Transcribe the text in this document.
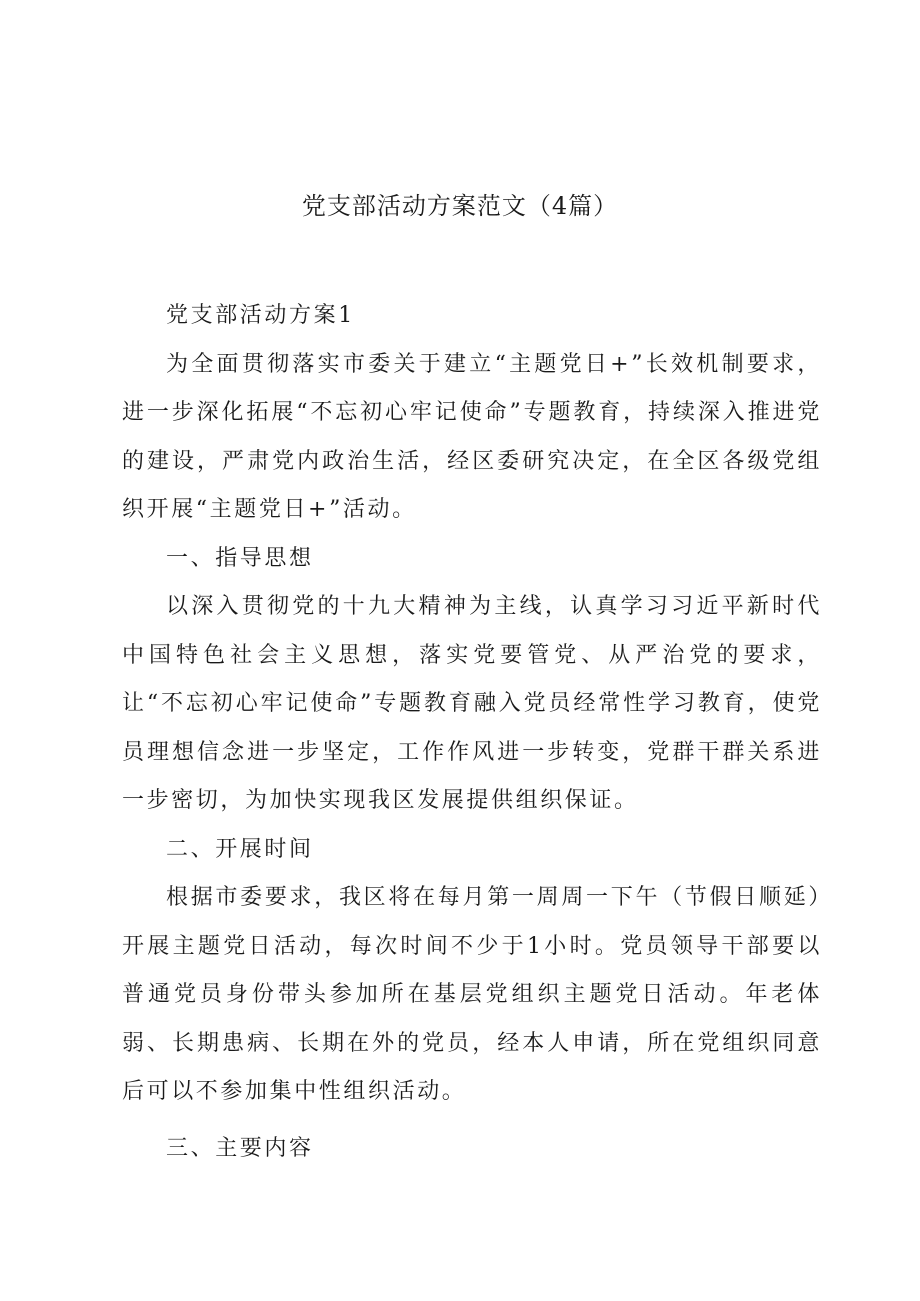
党支部活动方案范文（4篇）

党支部活动方案1

为全面贯彻落实市委关于建立“主题党日+”长效机制要求，进一步深化拓展“不忘初心牢记使命”专题教育，持续深入推进党的建设，严肃党内政治生活，经区委研究决定，在全区各级党组织开展“主题党日+”活动。

一、指导思想

以深入贯彻党的十九大精神为主线，认真学习习近平新时代中国特色社会主义思想，落实党要管党、从严治党的要求，让“不忘初心牢记使命”专题教育融入党员经常性学习教育，使党员理想信念进一步坚定，工作作风进一步转变，党群干群关系进一步密切，为加快实现我区发展提供组织保证。

二、开展时间

根据市委要求，我区将在每月第一周周一下午（节假日顺延）开展主题党日活动，每次时间不少于1小时。党员领导干部要以普通党员身份带头参加所在基层党组织主题党日活动。年老体弱、长期患病、长期在外的党员，经本人申请，所在党组织同意后可以不参加集中性组织活动。

三、主要内容
